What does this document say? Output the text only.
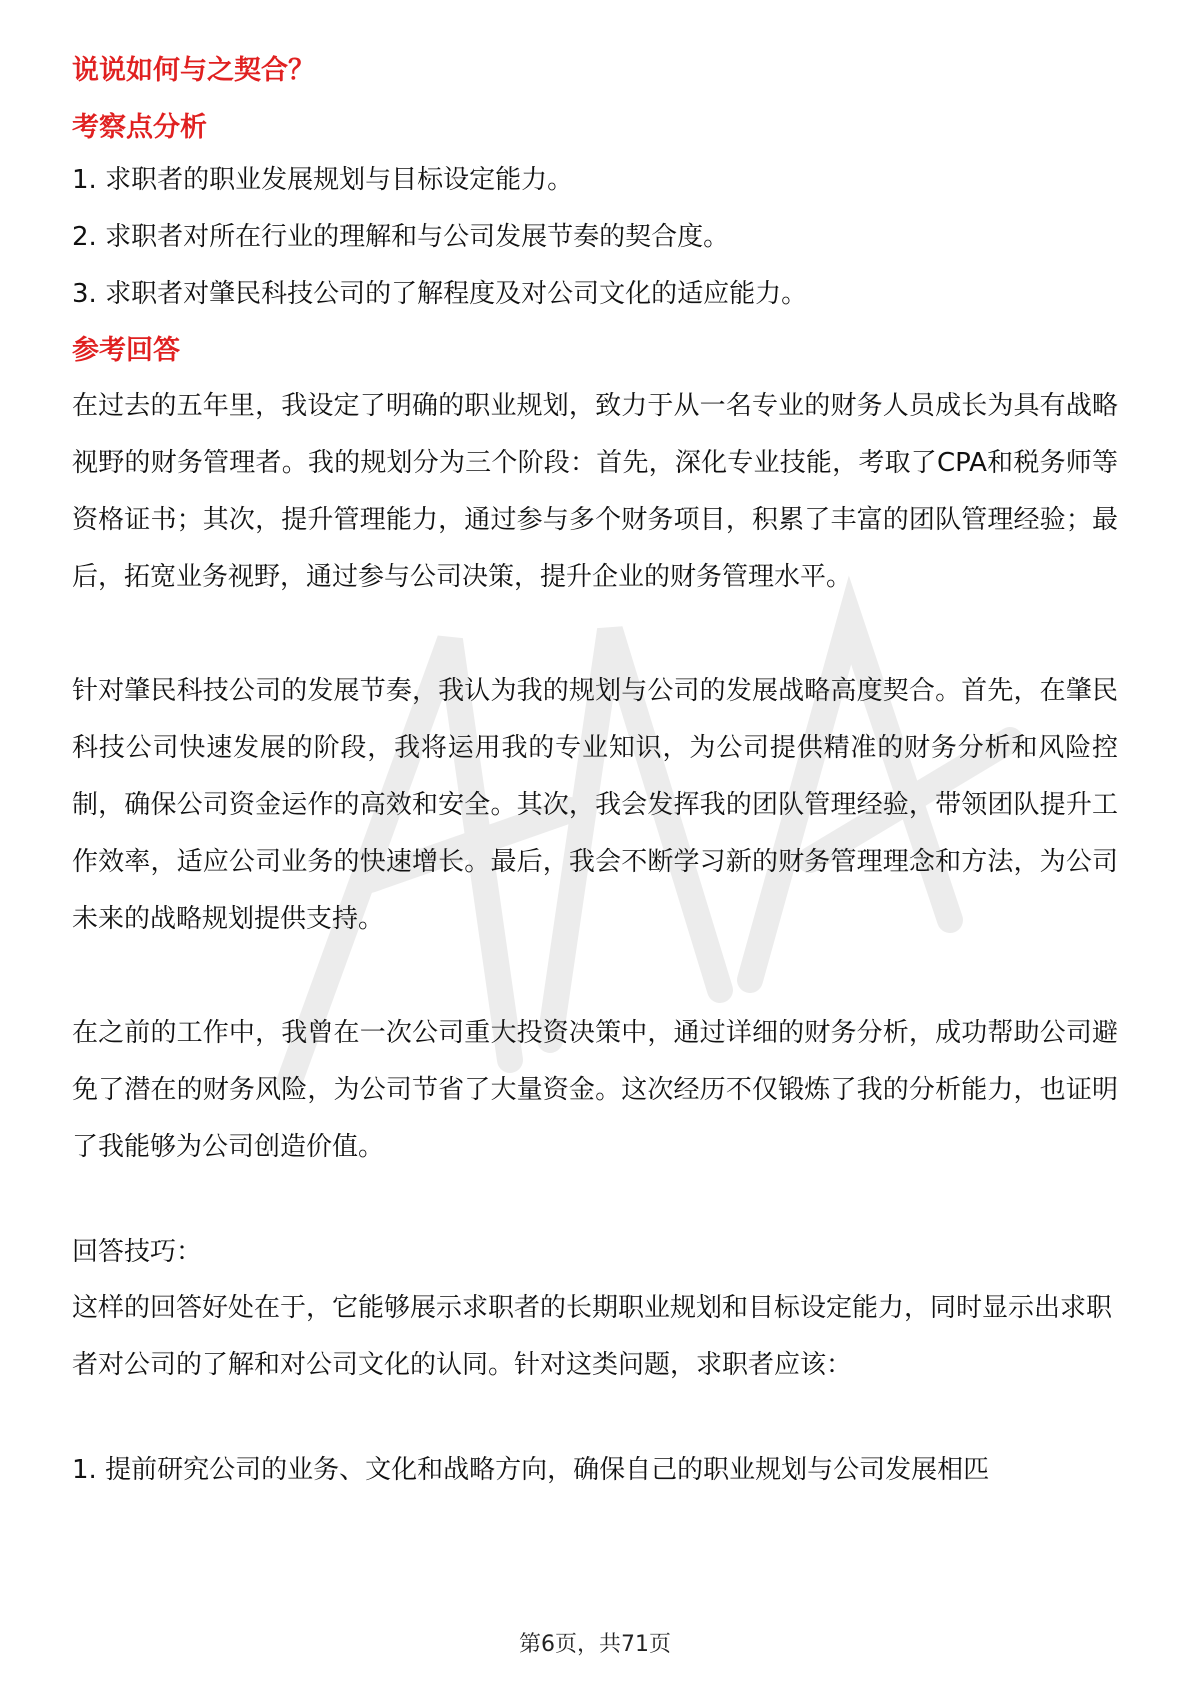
说说如何与之契合？

考察点分析

1. 求职者的职业发展规划与目标设定能力。

2. 求职者对所在行业的理解和与公司发展节奏的契合度。

3. 求职者对肇民科技公司的了解程度及对公司文化的适应能力。

参考回答

在过去的五年里，我设定了明确的职业规划，致力于从一名专业的财务人员成长为具有战略视野的财务管理者。我的规划分为三个阶段：首先，深化专业技能，考取了CPA和税务师等资格证书；其次，提升管理能力，通过参与多个财务项目，积累了丰富的团队管理经验；最后，拓宽业务视野，通过参与公司决策，提升企业的财务管理水平。

针对肇民科技公司的发展节奏，我认为我的规划与公司的发展战略高度契合。首先，在肇民科技公司快速发展的阶段，我将运用我的专业知识，为公司提供精准的财务分析和风险控制，确保公司资金运作的高效和安全。其次，我会发挥我的团队管理经验，带领团队提升工作效率，适应公司业务的快速增长。最后，我会不断学习新的财务管理理念和方法，为公司未来的战略规划提供支持。

在之前的工作中，我曾在一次公司重大投资决策中，通过详细的财务分析，成功帮助公司避免了潜在的财务风险，为公司节省了大量资金。这次经历不仅锻炼了我的分析能力，也证明了我能够为公司创造价值。

回答技巧：

这样的回答好处在于，它能够展示求职者的长期职业规划和目标设定能力，同时显示出求职者对公司的了解和对公司文化的认同。针对这类问题，求职者应该：

1. 提前研究公司的业务、文化和战略方向，确保自己的职业规划与公司发展相匹

第6页，共71页
